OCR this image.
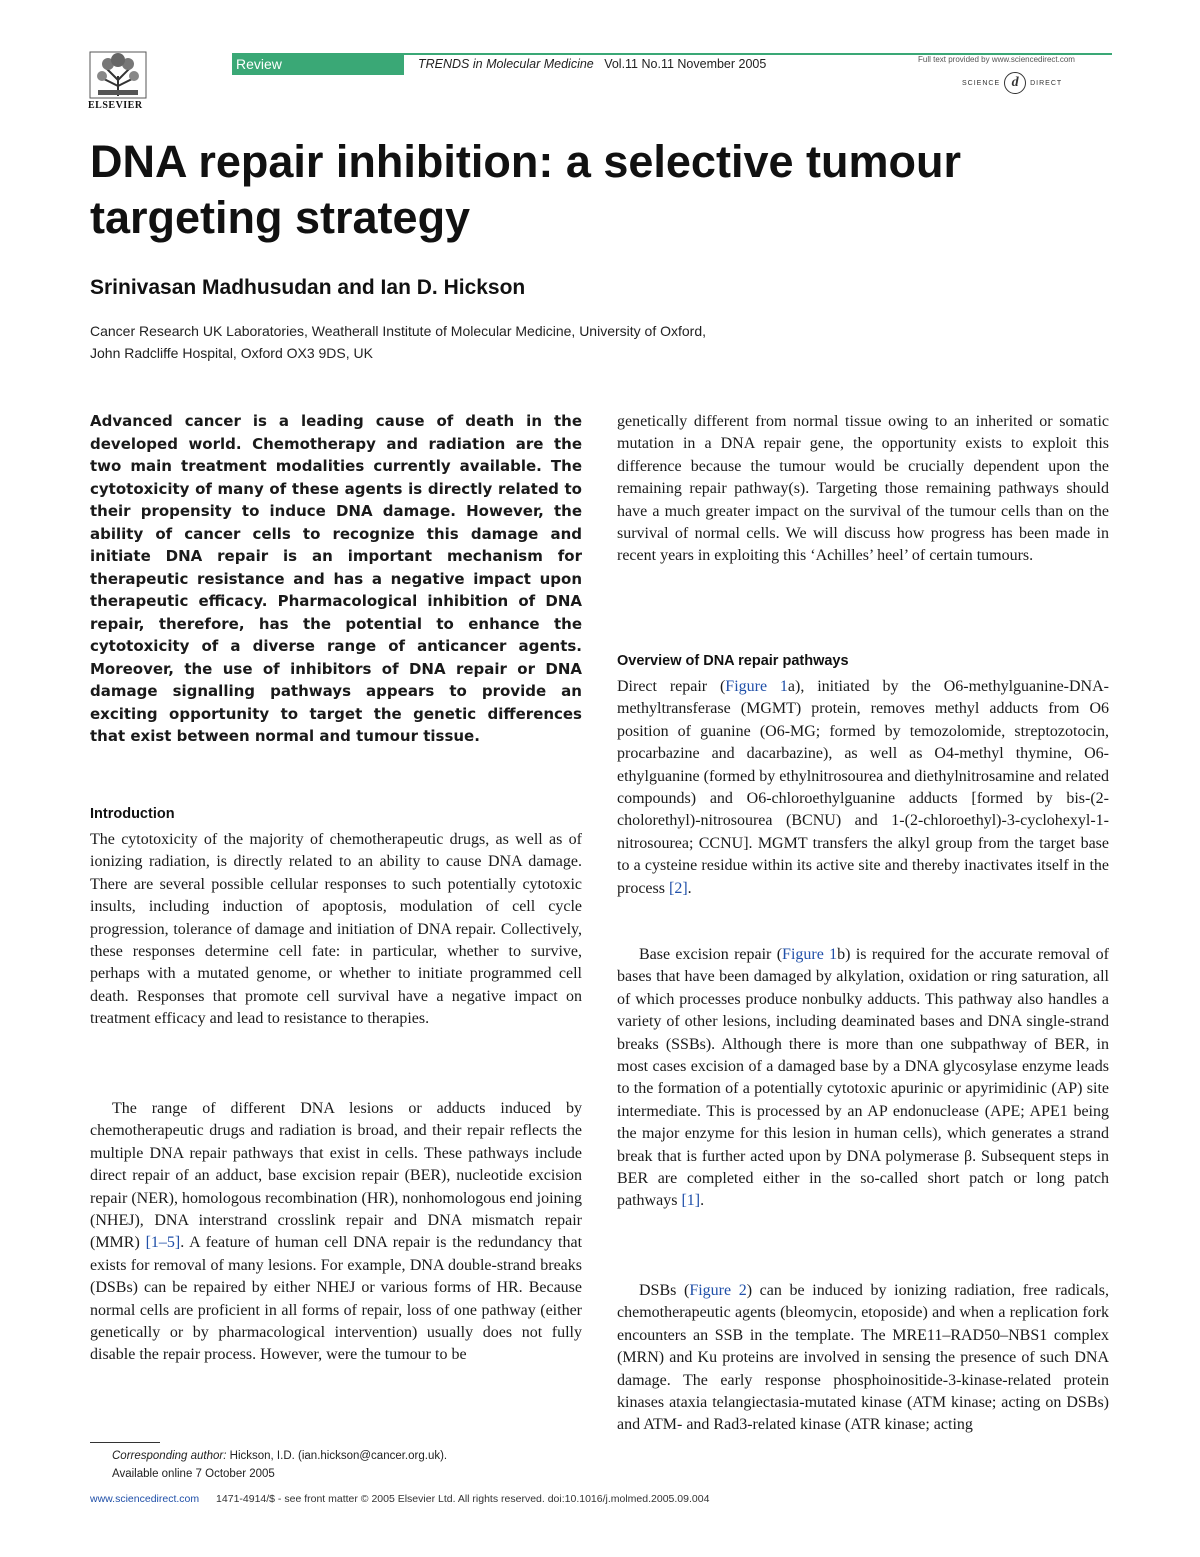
ELSEVIER
Review	TRENDS in Molecular Medicine Vol.11 No.11 November 2005	Full text provided by www.sciencedirect.com
SCIENCE d	DIRECT
DNA repair inhibition: a selective tumour targeting strategy
Srinivasan Madhusudan and Ian D. Hickson
Cancer Research UK Laboratories, Weatherall Institute of Molecular Medicine, University of Oxford,
John Radcliffe Hospital, Oxford OX3 9DS, UK

Advanced cancer is a leading cause of death in the developed world. Chemotherapy and radiation are the two main treatment modalities currently available. The cytotoxicity of many of these agents is directly related to their propensity to induce DNA damage. However, the ability of cancer cells to recognize this damage and initiate DNA repair is an important mechanism for therapeutic resistance and has a negative impact upon therapeutic efficacy. Pharmacological inhibition of DNA repair, therefore, has the potential to enhance the cytotoxicity of a diverse range of anticancer agents. Moreover, the use of inhibitors of DNA repair or DNA damage signalling pathways appears to provide an exciting opportunity to target the genetic differences that exist between normal and tumour tissue.

Introduction

The cytotoxicity of the majority of chemotherapeutic drugs, as well as of ionizing radiation, is directly related to an ability to cause DNA damage. There are several possible cellular responses to such potentially cytotoxic insults, including induction of apoptosis, modulation of cell cycle progression, tolerance of damage and initiation of DNA repair. Collectively, these responses determine cell fate: in particular, whether to survive, perhaps with a mutated genome, or whether to initiate programmed cell death. Responses that promote cell survival have a negative impact on treatment efficacy and lead to resistance to therapies.

The range of different DNA lesions or adducts induced by chemotherapeutic drugs and radiation is broad, and their repair reflects the multiple DNA repair pathways that exist in cells. These pathways include direct repair of an adduct, base excision repair (BER), nucleotide excision repair (NER), homologous recombination (HR), nonhomologous end joining (NHEJ), DNA interstrand crosslink repair and DNA mismatch repair (MMR) [1–5]. A feature of human cell DNA repair is the redundancy that exists for removal of many lesions. For example, DNA double-strand breaks (DSBs) can be repaired by either NHEJ or various forms of HR. Because normal cells are proficient in all forms of repair, loss of one pathway (either genetically or by pharmacological intervention) usually does not fully disable the repair process. However, were the tumour to be

genetically different from normal tissue owing to an inherited or somatic mutation in a DNA repair gene, the opportunity exists to exploit this difference because the tumour would be crucially dependent upon the remaining repair pathway(s). Targeting those remaining pathways should have a much greater impact on the survival of the tumour cells than on the survival of normal cells. We will discuss how progress has been made in recent years in exploiting this ‘Achilles’ heel’ of certain tumours.

Overview of DNA repair pathways

Direct repair (Figure 1a), initiated by the O6-methylguanine-DNA-methyltransferase (MGMT) protein, removes methyl adducts from O6 position of guanine (O6-MG; formed by temozolomide, streptozotocin, procarbazine and dacarbazine), as well as O4-methyl thymine, O6-ethylguanine (formed by ethylnitrosourea and diethylnitrosamine and related compounds) and O6-chloroethylguanine adducts [formed by bis-(2-cholorethyl)-nitrosourea (BCNU) and 1-(2-chloroethyl)-3-cyclohexyl-1-nitrosourea; CCNU]. MGMT transfers the alkyl group from the target base to a cysteine residue within its active site and thereby inactivates itself in the process [2].

Base excision repair (Figure 1b) is required for the accurate removal of bases that have been damaged by alkylation, oxidation or ring saturation, all of which processes produce nonbulky adducts. This pathway also handles a variety of other lesions, including deaminated bases and DNA single-strand breaks (SSBs). Although there is more than one subpathway of BER, in most cases excision of a damaged base by a DNA glycosylase enzyme leads to the formation of a potentially cytotoxic apurinic or apyrimidinic (AP) site intermediate. This is processed by an AP endonuclease (APE; APE1 being the major enzyme for this lesion in human cells), which generates a strand break that is further acted upon by DNA polymerase β. Subsequent steps in BER are completed either in the so-called short patch or long patch pathways [1].

DSBs (Figure 2) can be induced by ionizing radiation, free radicals, chemotherapeutic agents (bleomycin, etoposide) and when a replication fork encounters an SSB in the template. The MRE11–RAD50–NBS1 complex (MRN) and Ku proteins are involved in sensing the presence of such DNA damage. The early response phosphoinositide-3-kinase-related protein kinases ataxia telangiectasia-mutated kinase (ATM kinase; acting on DSBs) and ATM- and Rad3-related kinase (ATR kinase; acting

Corresponding author: Hickson, I.D. (ian.hickson@cancer.org.uk).
Available online 7 October 2005
www.sciencedirect.com 1471-4914/$ - see front matter © 2005 Elsevier Ltd. All rights reserved. doi:10.1016/j.molmed.2005.09.004
